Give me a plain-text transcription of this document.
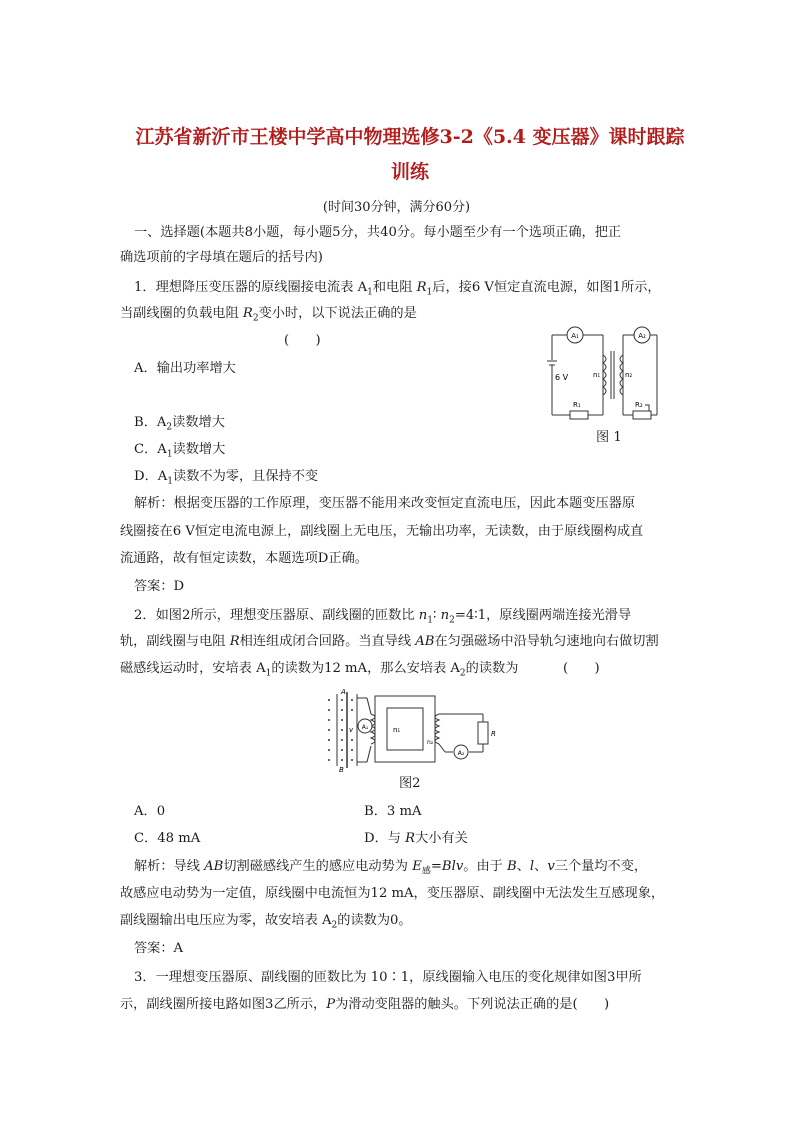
江苏省新沂市王楼中学高中物理选修3-2《5.4 变压器》课时跟踪
训练
(时间30分钟，满分60分)
一、选择题(本题共8小题，每小题5分，共40分。每小题至少有一个选项正确，把正
确选项前的字母填在题后的括号内)
1．理想降压变压器的原线圈接电流表 $A_1$和电阻 $R_1$后，接6 V恒定直流电源，如图1所示，
当副线圈的负载电阻 $R_2$变小时，以下说法正确的是
(　　)
A．输出功率增大
B．$A_2$读数增大
C．$A_1$读数增大
D．$A_1$读数不为零，且保持不变
A₁	A₂
6 V	n₁	n₂
R₁	R₂
图 1
解析：根据变压器的工作原理，变压器不能用来改变恒定直流电压，因此本题变压器原
线圈接在6 V恒定电流电源上，副线圈上无电压，无输出功率，无读数，由于原线圈构成直
流通路，故有恒定读数，本题选项D正确。
答案：D
2．如图2所示，理想变压器原、副线圈的匝数比 $n_1∶$ $n_2=4∶1$，原线圈两端连接光滑导
轨，副线圈与电阻 R相连组成闭合回路。当直导线 AB在匀强磁场中沿导轨匀速地向右做切割
磁感线运动时，安培表 $A_1$的读数为12 mA，那么安培表 $A_2$的读数为	(　　)
A
B
v	n₁
n₂
R
A₁
A₂
图2
A．0	B．3 mA
C．48 mA	D．与 R大小有关
解析：导线 AB切割磁感线产生的感应电动势为 $E_感=Blv$。由于 B、l、v三个量均不变，
故感应电动势为一定值，原线圈中电流恒为12 mA，变压器原、副线圈中无法发生互感现象，
副线圈输出电压应为零，故安培表 $A_2$的读数为0。
答案：A
3．一理想变压器原、副线圈的匝数比为 10∶1，原线圈输入电压的变化规律如图3甲所
示，副线圈所接电路如图3乙所示，P为滑动变阻器的触头。下列说法正确的是(　　)
